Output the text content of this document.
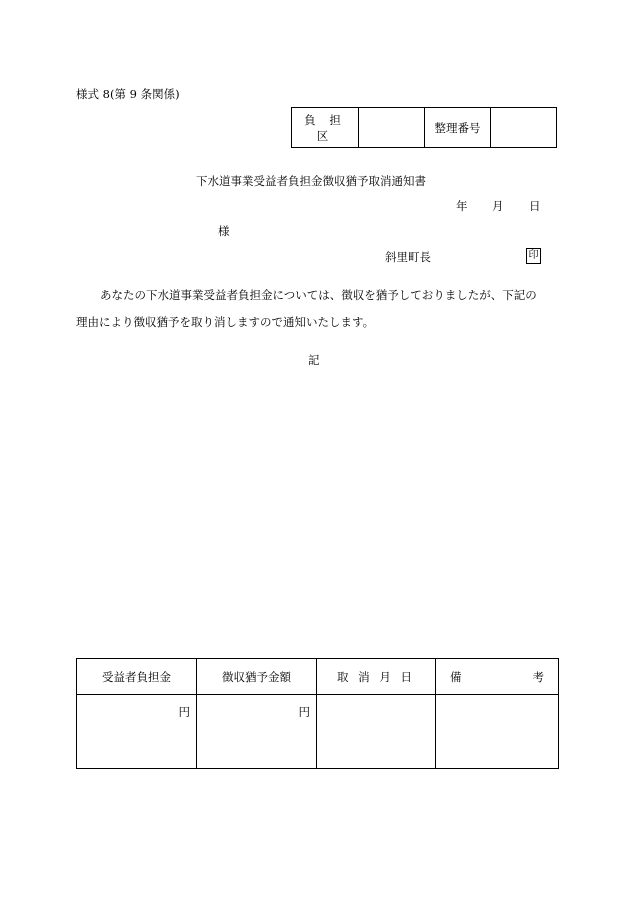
様式 8(第 9 条関係)
負 担 区		整理番号	
下水道事業受益者負担金徴収猶予取消通知書
年 月 日
様
斜里町長	印
あなたの下水道事業受益者負担金については、徴収を猶予しておりましたが、下記の
理由により徴収猶予を取り消しますので通知いたします。
記
受益者負担金	徴収猶予金額	取 消 月 日	備 考

円	円		
